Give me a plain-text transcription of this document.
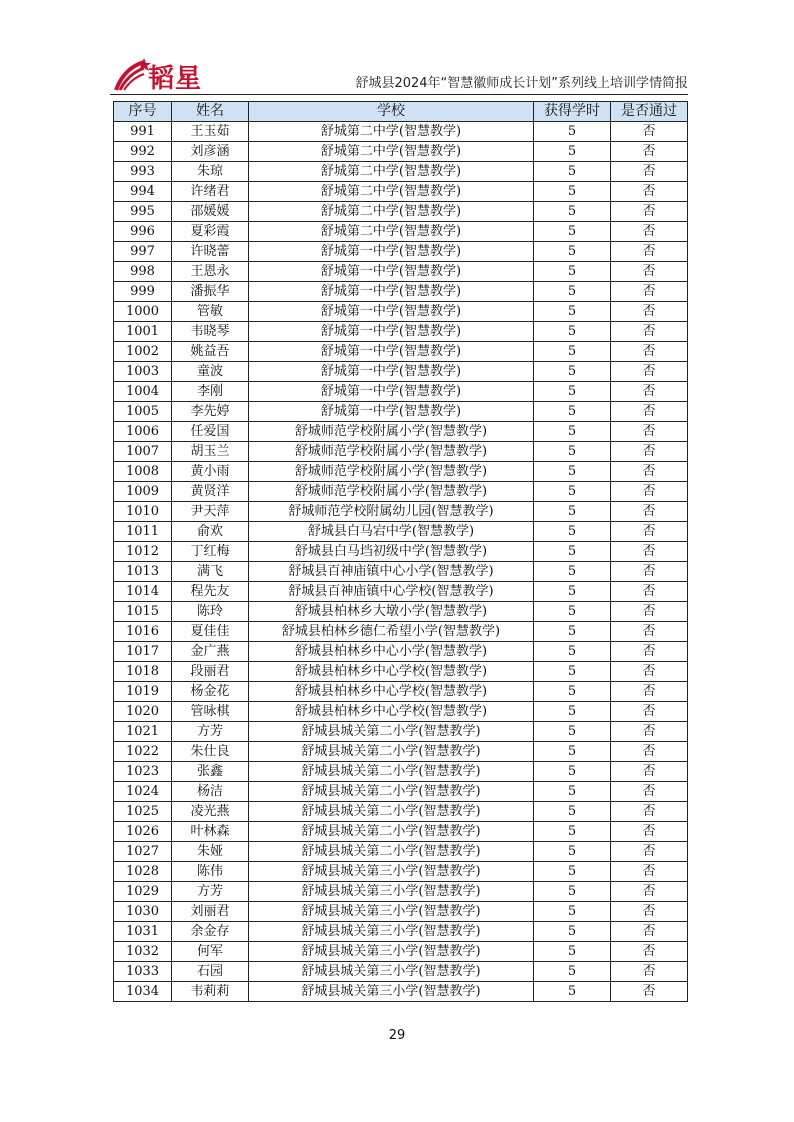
韬星	舒城县2024年“智慧徽师成长计划”系列线上培训学情简报
序号	姓名	学校	获得学时	是否通过
991	王玉茹	舒城第二中学(智慧教学)	5	否
992	刘彦涵	舒城第二中学(智慧教学)	5	否
993	朱琼	舒城第二中学(智慧教学)	5	否
994	许绪君	舒城第二中学(智慧教学)	5	否
995	邵媛媛	舒城第二中学(智慧教学)	5	否
996	夏彩霞	舒城第二中学(智慧教学)	5	否
997	许晓蕾	舒城第一中学(智慧教学)	5	否
998	王恩永	舒城第一中学(智慧教学)	5	否
999	潘振华	舒城第一中学(智慧教学)	5	否
1000	管敏	舒城第一中学(智慧教学)	5	否
1001	韦晓琴	舒城第一中学(智慧教学)	5	否
1002	姚益吾	舒城第一中学(智慧教学)	5	否
1003	童波	舒城第一中学(智慧教学)	5	否
1004	李刚	舒城第一中学(智慧教学)	5	否
1005	李先婷	舒城第一中学(智慧教学)	5	否
1006	任爱国	舒城师范学校附属小学(智慧教学)	5	否
1007	胡玉兰	舒城师范学校附属小学(智慧教学)	5	否
1008	黄小雨	舒城师范学校附属小学(智慧教学)	5	否
1009	黄贤洋	舒城师范学校附属小学(智慧教学)	5	否
1010	尹天萍	舒城师范学校附属幼儿园(智慧教学)	5	否
1011	俞欢	舒城县白马宕中学(智慧教学)	5	否
1012	丁红梅	舒城县白马垱初级中学(智慧教学)	5	否
1013	满飞	舒城县百神庙镇中心小学(智慧教学)	5	否
1014	程先友	舒城县百神庙镇中心学校(智慧教学)	5	否
1015	陈玲	舒城县柏林乡大墩小学(智慧教学)	5	否
1016	夏佳佳	舒城县柏林乡德仁希望小学(智慧教学)	5	否
1017	金广燕	舒城县柏林乡中心小学(智慧教学)	5	否
1018	段丽君	舒城县柏林乡中心学校(智慧教学)	5	否
1019	杨金花	舒城县柏林乡中心学校(智慧教学)	5	否
1020	管咏棋	舒城县柏林乡中心学校(智慧教学)	5	否
1021	方芳	舒城县城关第二小学(智慧教学)	5	否
1022	朱仕良	舒城县城关第二小学(智慧教学)	5	否
1023	张鑫	舒城县城关第二小学(智慧教学)	5	否
1024	杨洁	舒城县城关第二小学(智慧教学)	5	否
1025	凌光燕	舒城县城关第二小学(智慧教学)	5	否
1026	叶林森	舒城县城关第二小学(智慧教学)	5	否
1027	朱娅	舒城县城关第二小学(智慧教学)	5	否
1028	陈伟	舒城县城关第三小学(智慧教学)	5	否
1029	方芳	舒城县城关第三小学(智慧教学)	5	否
1030	刘丽君	舒城县城关第三小学(智慧教学)	5	否
1031	余金存	舒城县城关第三小学(智慧教学)	5	否
1032	何军	舒城县城关第三小学(智慧教学)	5	否
1033	石园	舒城县城关第三小学(智慧教学)	5	否
1034	韦莉莉	舒城县城关第三小学(智慧教学)	5	否
29
